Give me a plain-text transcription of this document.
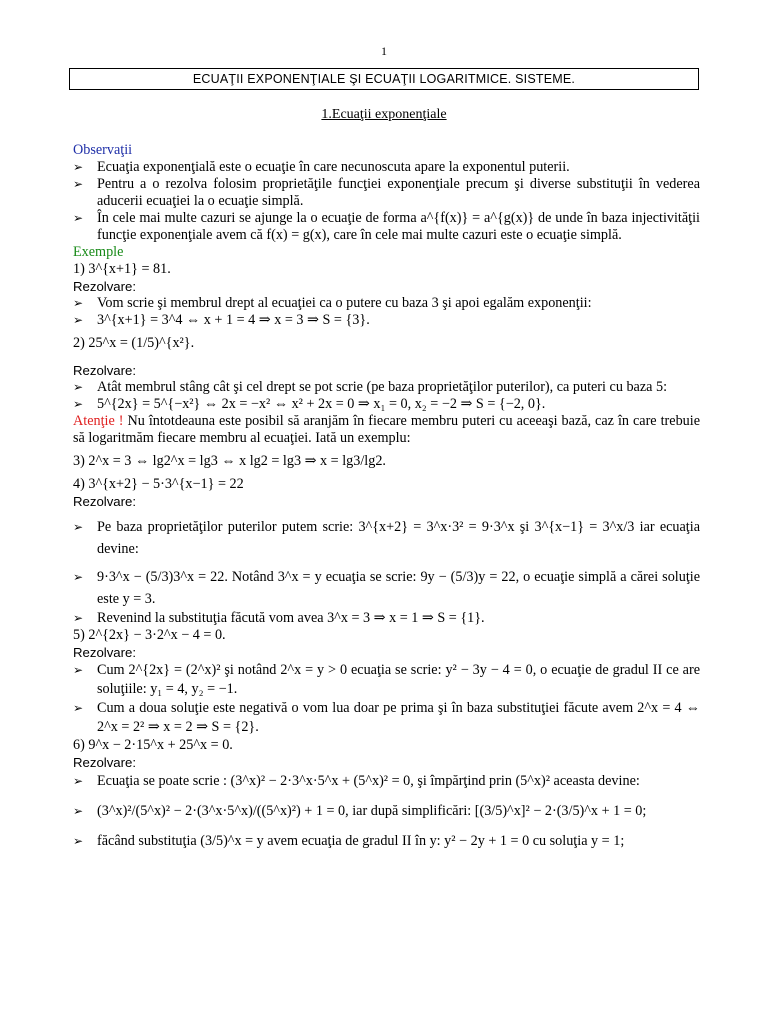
1
ECUAŢII EXPONENŢIALE ŞI ECUAŢII LOGARITMICE. SISTEME.
1.Ecuaţii exponenţiale
Observaţii
➢ Ecuaţia exponenţială este o ecuaţie în care necunoscuta apare la exponentul puterii.
➢ Pentru a o rezolva folosim proprietăţile funcţiei exponenţiale precum şi diverse substituţii în vederea aducerii ecuaţiei la o ecuaţie simplă.
➢ În cele mai multe cazuri se ajunge la o ecuaţie de forma a^{f(x)} = a^{g(x)} de unde în baza injectivităţii funcţie exponenţiale avem că f(x) = g(x), care în cele mai multe cazuri este o ecuaţie simplă.
Exemple
1) 3^{x+1} = 81.
Rezolvare:
➢ Vom scrie şi membrul drept al ecuaţiei ca o putere cu baza 3 şi apoi egalăm exponenţii:
➢ 3^{x+1} = 3^4 ⇔ x + 1 = 4 ⇒ x = 3 ⇒ S = {3}.
2) 25^x = (1/5)^{x²}.
Rezolvare:
➢ Atât membrul stâng cât şi cel drept se pot scrie (pe baza proprietăţilor puterilor), ca puteri cu baza 5:
➢ 5^{2x} = 5^{−x²} ⇔ 2x = −x² ⇔ x² + 2x = 0 ⇒ x₁ = 0, x₂ = −2 ⇒ S = {−2, 0}.
Atenţie ! Nu întotdeauna este posibil să aranjăm în fiecare membru puteri cu aceeaşi bază, caz în care trebuie să logaritmăm fiecare membru al ecuaţiei. Iată un exemplu:
3) 2^x = 3 ⇔ lg2^x = lg3 ⇔ x lg2 = lg3 ⇒ x = lg3/lg2.
4) 3^{x+2} − 5·3^{x−1} = 22
Rezolvare:
➢ Pe baza proprietăţilor puterilor putem scrie: 3^{x+2} = 3^x·3² = 9·3^x şi 3^{x−1} = 3^x/3 iar ecuaţia devine:
➢ 9·3^x − (5/3)3^x = 22. Notând 3^x = y ecuaţia se scrie: 9y − (5/3)y = 22, o ecuaţie simplă a cărei soluţie este y = 3.
➢ Revenind la substituţia făcută vom avea 3^x = 3 ⇒ x = 1 ⇒ S = {1}.
5) 2^{2x} − 3·2^x − 4 = 0.
Rezolvare:
➢ Cum 2^{2x} = (2^x)² şi notând 2^x = y > 0 ecuaţia se scrie: y² − 3y − 4 = 0, o ecuaţie de gradul II ce are soluţiile: y₁ = 4, y₂ = −1.
➢ Cum a doua soluţie este negativă o vom lua doar pe prima şi în baza substituţiei făcute avem 2^x = 4 ⇔ 2^x = 2² ⇒ x = 2 ⇒ S = {2}.
6) 9^x − 2·15^x + 25^x = 0.
Rezolvare:
➢ Ecuaţia se poate scrie : (3^x)² − 2·3^x·5^x + (5^x)² = 0, şi împărţind prin (5^x)² aceasta devine:
➢ (3^x)²/(5^x)² − 2·(3^x·5^x)/((5^x)²) + 1 = 0, iar după simplificări: [(3/5)^x]² − 2·(3/5)^x + 1 = 0;
➢ făcând substituţia (3/5)^x = y avem ecuaţia de gradul II în y: y² − 2y + 1 = 0 cu soluţia y = 1;
